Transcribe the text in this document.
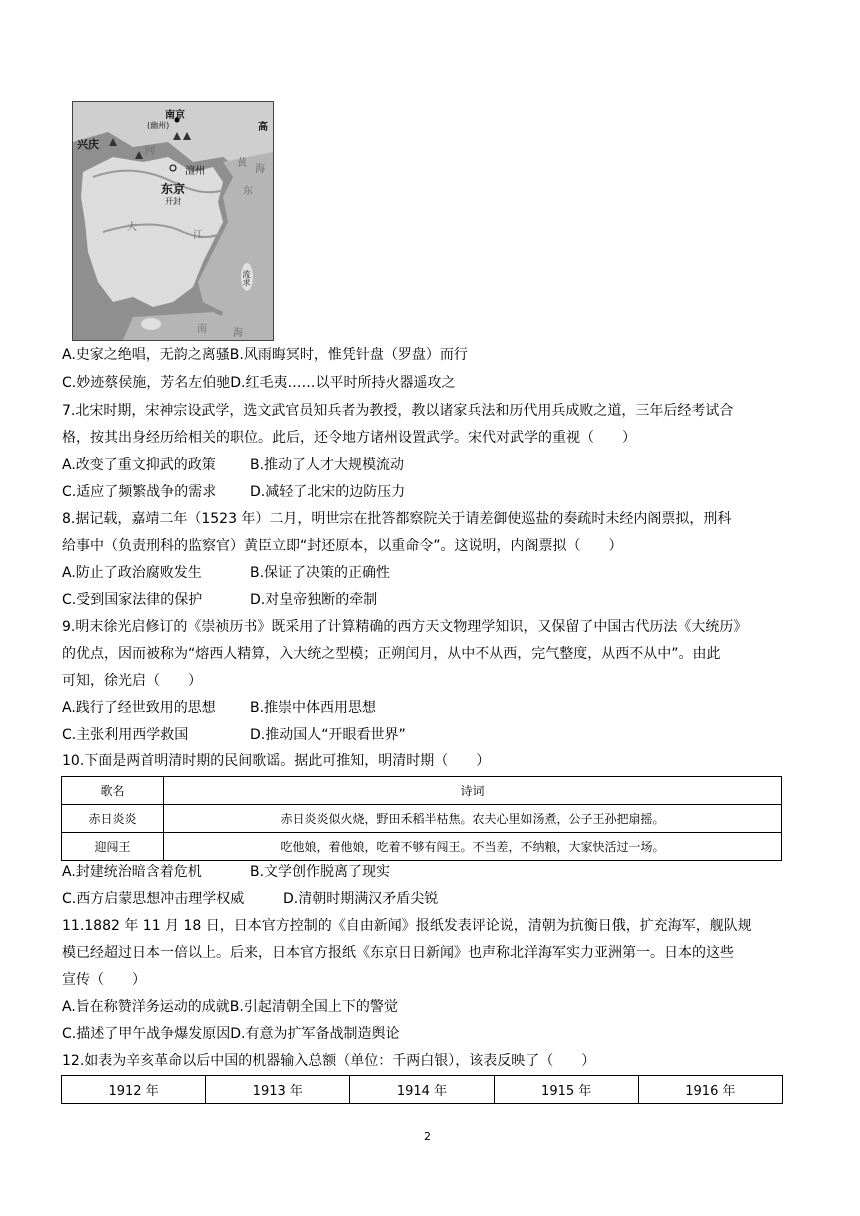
南京
(幽州)	高
兴庆
河
澶州
黄
海
东京
开封
东
大
江
流求
南	海
A.史家之绝唱，无韵之离骚B.风雨晦冥时，惟凭针盘（罗盘）而行
C.妙迹蔡侯施，芳名左伯驰D.红毛夷……以平时所持火器遥攻之
7.北宋时期，宋神宗设武学，选文武官员知兵者为教授，教以诸家兵法和历代用兵成败之道，三年后经考试合
格，按其出身经历给相关的职位。此后，还令地方诸州设置武学。宋代对武学的重视（　　）
A.改变了重文抑武的政策 B.推动了人才大规模流动
C.适应了频繁战争的需求 D.减轻了北宋的边防压力
8.据记载，嘉靖二年（1523 年）二月，明世宗在批答都察院关于请差御使巡盐的奏疏时未经内阁票拟，刑科
给事中（负责刑科的监察官）黄臣立即“封还原本，以重命令”。这说明，内阁票拟（　　）
A.防止了政治腐败发生	B.保证了决策的正确性
C.受到国家法律的保护	D.对皇帝独断的牵制
9.明末徐光启修订的《崇祯历书》既采用了计算精确的西方天文物理学知识，又保留了中国古代历法《大统历》
的优点，因而被称为“熔西人精算，入大统之型模；正朔闰月，从中不从西，完气整度，从西不从中”。由此
可知，徐光启（　　）
A.践行了经世致用的思想 B.推崇中体西用思想
C.主张利用西学救国	D.推动国人“开眼看世界”
10.下面是两首明清时期的民间歌谣。据此可推知，明清时期（　　）
歌名	诗词
赤日炎炎	赤日炎炎似火烧，野田禾稻半枯焦。农夫心里如汤煮，公子王孙把扇摇。
迎闯王	吃他娘，着他娘，吃着不够有闯王。不当差，不纳粮，大家快活过一场。
A.封建统治暗含着危机	B.文学创作脱离了现实
C.西方启蒙思想冲击理学权威	D.清朝时期满汉矛盾尖锐
11.1882 年 11 月 18 日，日本官方控制的《自由新闻》报纸发表评论说，清朝为抗衡日俄，扩充海军，舰队规
模已经超过日本一倍以上。后来，日本官方报纸《东京日日新闻》也声称北洋海军实力亚洲第一。日本的这些
宣传（　　）
A.旨在称赞洋务运动的成就B.引起清朝全国上下的警觉
C.描述了甲午战争爆发原因D.有意为扩军备战制造舆论
12.如表为辛亥革命以后中国的机器输入总额（单位：千两白银），该表反映了（　　）
1912 年	1913 年	1914 年	1915 年	1916 年
2
